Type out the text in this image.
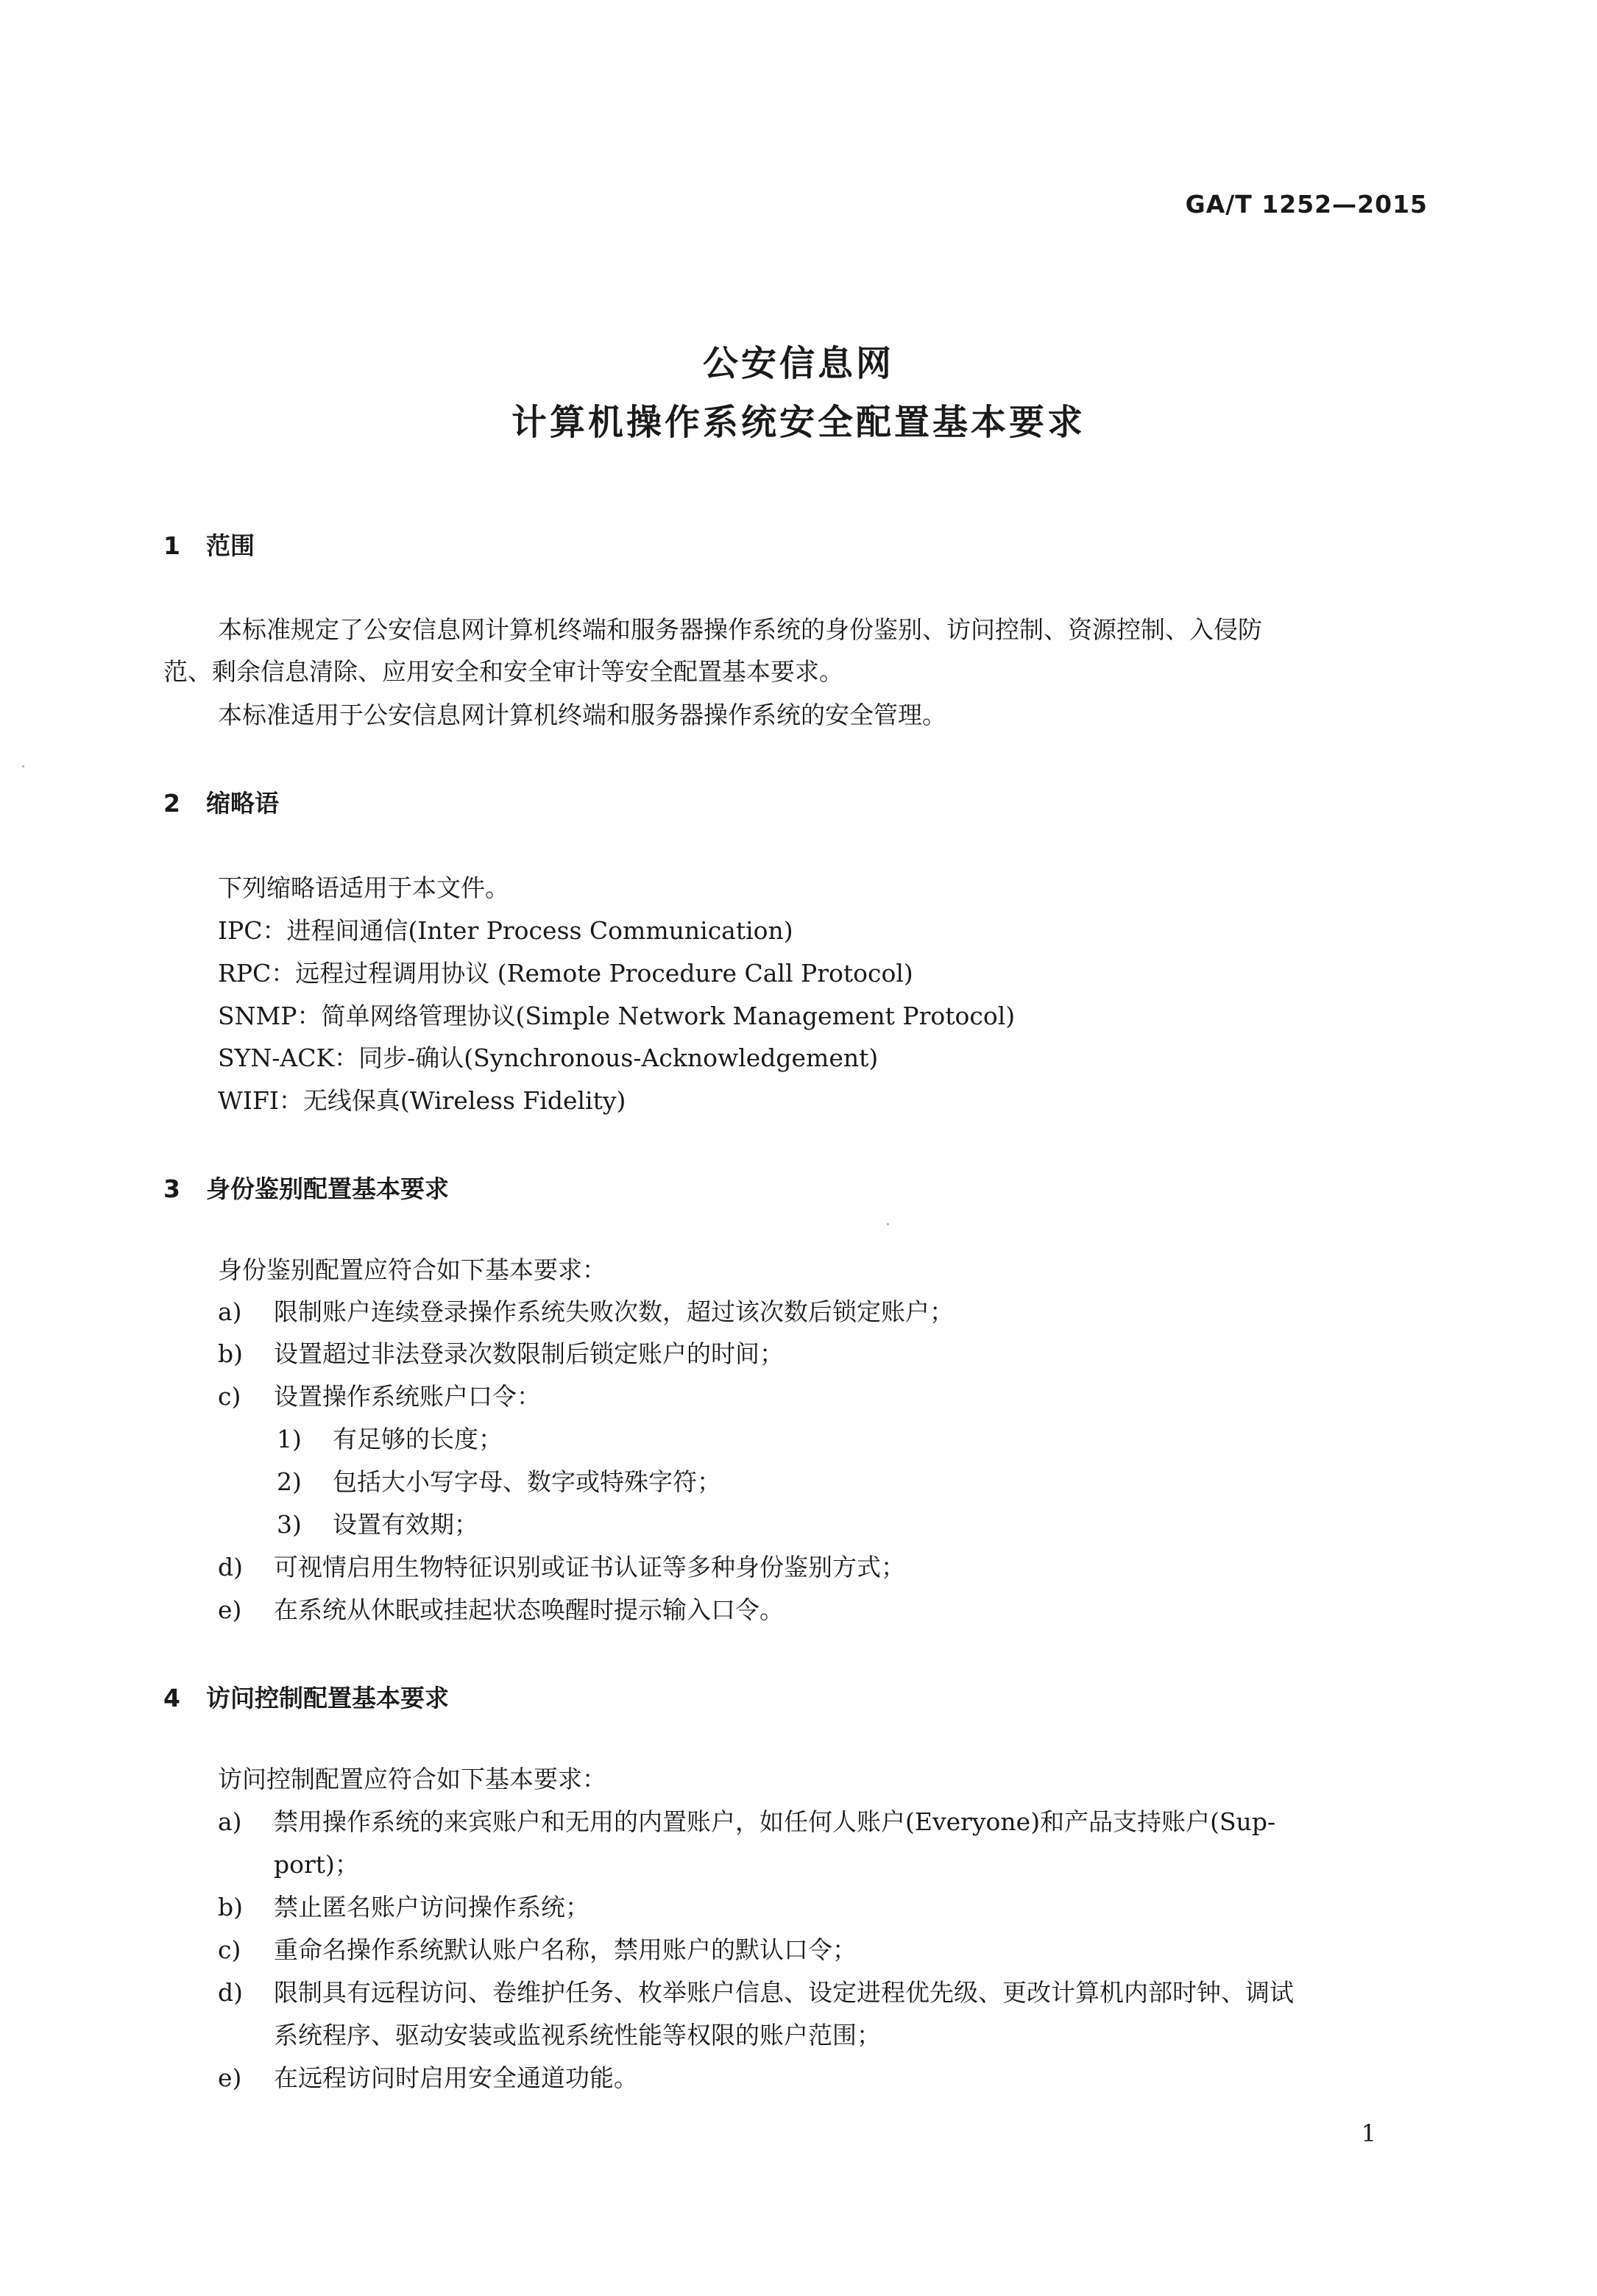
GA/T 1252—2015
公安信息网
计算机操作系统安全配置基本要求
1 范围
本标准规定了公安信息网计算机终端和服务器操作系统的身份鉴别、访问控制、资源控制、入侵防
范、剩余信息清除、应用安全和安全审计等安全配置基本要求。
本标准适用于公安信息网计算机终端和服务器操作系统的安全管理。
2 缩略语
下列缩略语适用于本文件。
IPC：进程间通信(Inter Process Communication)
RPC：远程过程调用协议 (Remote Procedure Call Protocol)
SNMP：简单网络管理协议(Simple Network Management Protocol)
SYN-ACK：同步-确认(Synchronous-Acknowledgement)
WIFI：无线保真(Wireless Fidelity)
3 身份鉴别配置基本要求
身份鉴别配置应符合如下基本要求：
a) 限制账户连续登录操作系统失败次数，超过该次数后锁定账户；
b) 设置超过非法登录次数限制后锁定账户的时间；
c) 设置操作系统账户口令：
1) 有足够的长度；
2) 包括大小写字母、数字或特殊字符；
3) 设置有效期；
d) 可视情启用生物特征识别或证书认证等多种身份鉴别方式；
e) 在系统从休眠或挂起状态唤醒时提示输入口令。
4 访问控制配置基本要求
访问控制配置应符合如下基本要求：
a) 禁用操作系统的来宾账户和无用的内置账户，如任何人账户(Everyone)和产品支持账户(Sup-
port)；
b) 禁止匿名账户访问操作系统；
c) 重命名操作系统默认账户名称，禁用账户的默认口令；
d) 限制具有远程访问、卷维护任务、枚举账户信息、设定进程优先级、更改计算机内部时钟、调试
系统程序、驱动安装或监视系统性能等权限的账户范围；
e) 在远程访问时启用安全通道功能。
1
